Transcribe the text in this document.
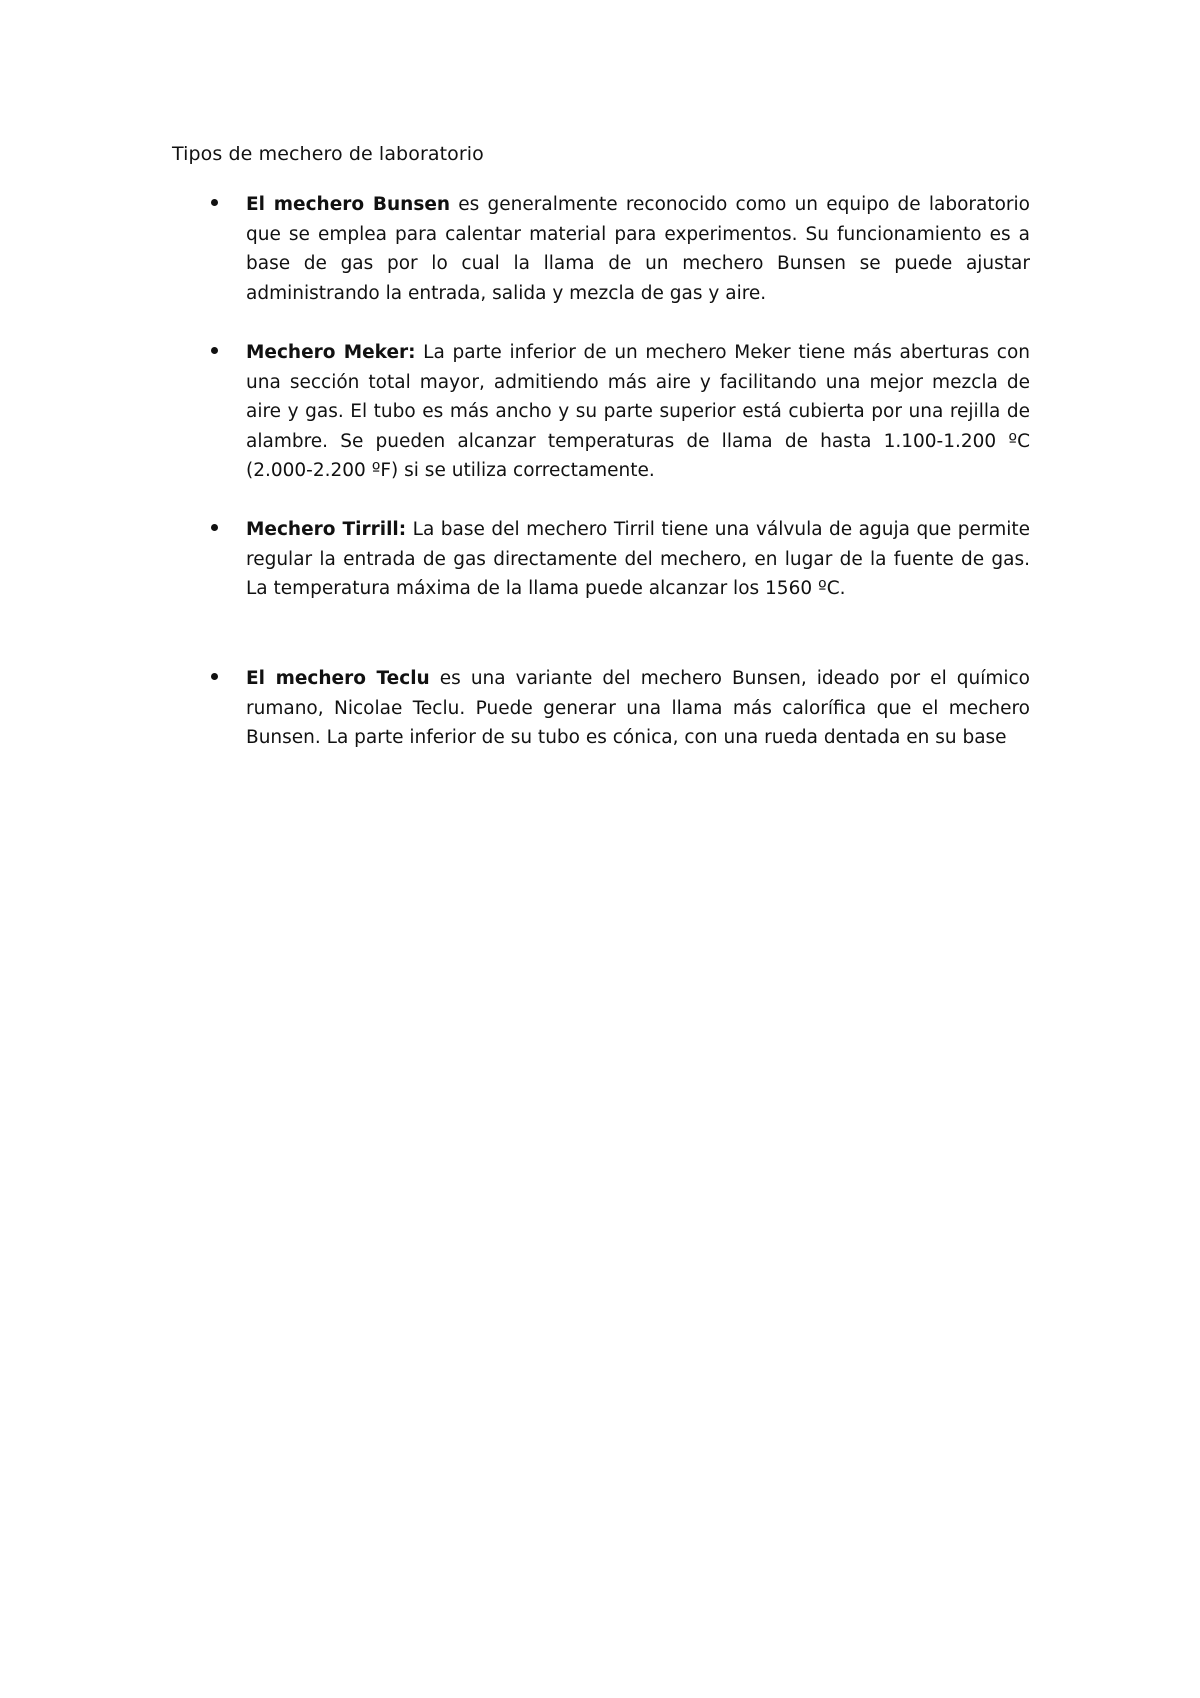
Tipos de mechero de laboratorio
El mechero Bunsen es generalmente reconocido como un equipo de laboratorio que se emplea para calentar material para experimentos. Su funcionamiento es a base de gas por lo cual la llama de un mechero Bunsen se puede ajustar administrando la entrada, salida y mezcla de gas y aire.
Mechero Meker: La parte inferior de un mechero Meker tiene más aberturas con una sección total mayor, admitiendo más aire y facilitando una mejor mezcla de aire y gas. El tubo es más ancho y su parte superior está cubierta por una rejilla de alambre. Se pueden alcanzar temperaturas de llama de hasta 1.100-1.200 ºC (2.000-2.200 ºF) si se utiliza correctamente.
Mechero Tirrill: La base del mechero Tirril tiene una válvula de aguja que permite regular la entrada de gas directamente del mechero, en lugar de la fuente de gas. La temperatura máxima de la llama puede alcanzar los 1560 ºC.
El mechero Teclu es una variante del mechero Bunsen, ideado por el químico rumano, Nicolae Teclu. Puede generar una llama más calorífica que el mechero Bunsen. La parte inferior de su tubo es cónica, con una rueda dentada en su base
